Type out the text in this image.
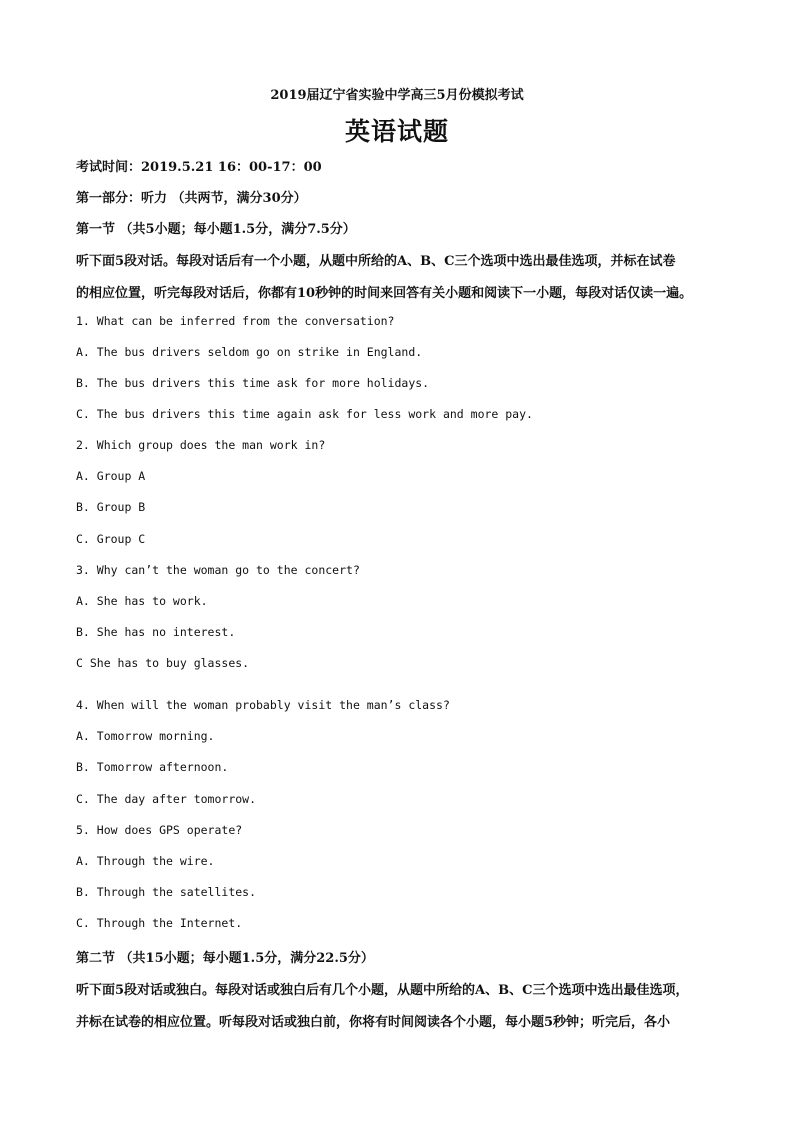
2019届辽宁省实验中学高三5月份模拟考试
英语试题
考试时间：2019.5.21 16：00-17：00
第一部分：听力 （共两节，满分30分）
第一节 （共5小题；每小题1.5分，满分7.5分）
听下面5段对话。每段对话后有一个小题，从题中所给的A、B、C三个选项中选出最佳选项，并标在试卷
的相应位置，听完每段对话后，你都有10秒钟的时间来回答有关小题和阅读下一小题，每段对话仅读一遍。
1. What can be inferred from the conversation?
A. The bus drivers seldom go on strike in England.
B. The bus drivers this time ask for more holidays.
C. The bus drivers this time again ask for less work and more pay.
2. Which group does the man work in?
A. Group A
B. Group B
C. Group C
3. Why can’t the woman go to the concert?
A. She has to work.
B. She has no interest.
C She has to buy glasses.
4. When will the woman probably visit the man’s class?
A. Tomorrow morning.
B. Tomorrow afternoon.
C. The day after tomorrow.
5. How does GPS operate?
A. Through the wire.
B. Through the satellites.
C. Through the Internet.
第二节 （共15小题；每小题1.5分，满分22.5分）
听下面5段对话或独白。每段对话或独白后有几个小题，从题中所给的A、B、C三个选项中选出最佳选项，
并标在试卷的相应位置。听每段对话或独白前，你将有时间阅读各个小题，每小题5秒钟；听完后，各小
